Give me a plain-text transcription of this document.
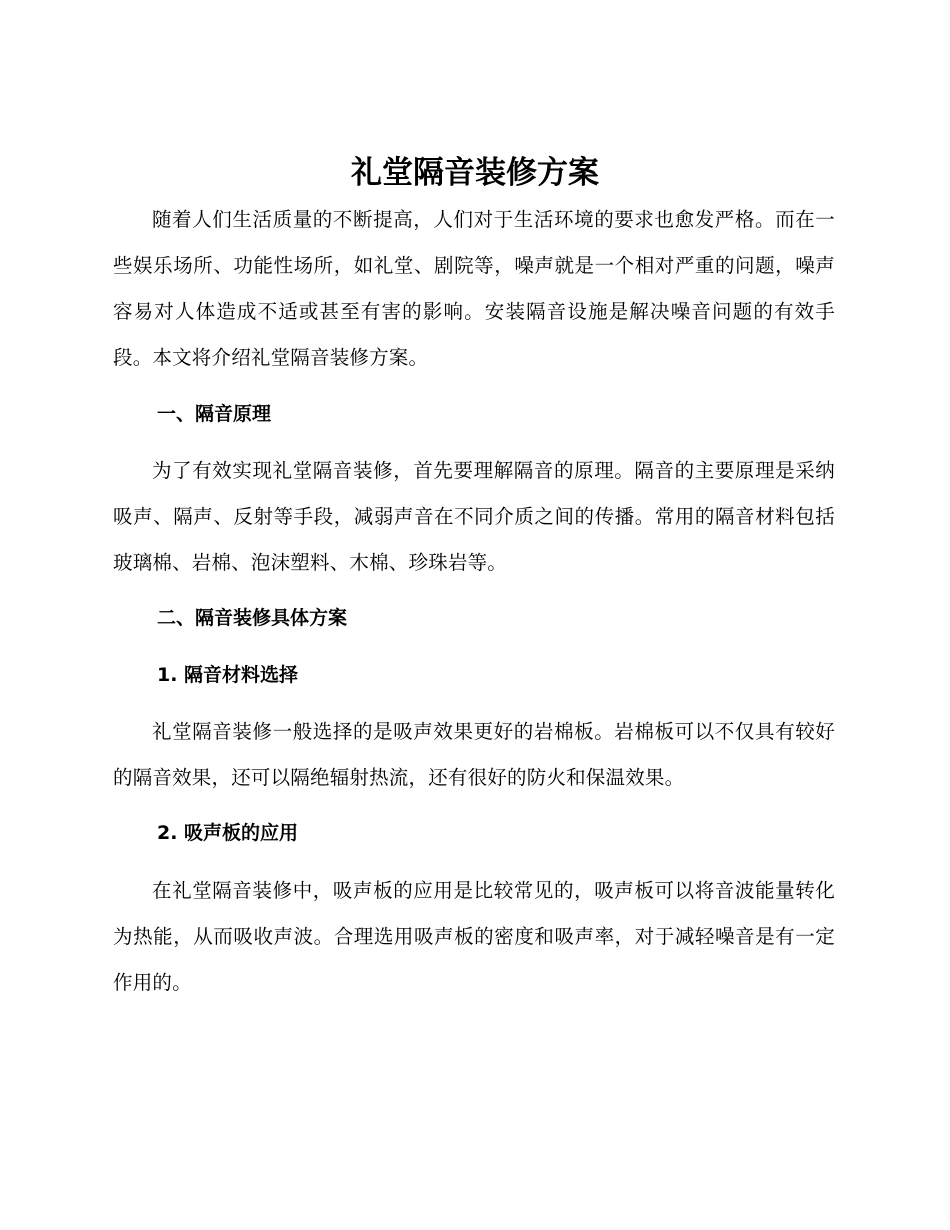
礼堂隔音装修方案

随着人们生活质量的不断提高，人们对于生活环境的要求也愈发严格。而在一些娱乐场所、功能性场所，如礼堂、剧院等，噪声就是一个相对严重的问题，噪声容易对人体造成不适或甚至有害的影响。安装隔音设施是解决噪音问题的有效手段。本文将介绍礼堂隔音装修方案。

一、隔音原理

为了有效实现礼堂隔音装修，首先要理解隔音的原理。隔音的主要原理是采纳吸声、隔声、反射等手段，减弱声音在不同介质之间的传播。常用的隔音材料包括玻璃棉、岩棉、泡沫塑料、木棉、珍珠岩等。

二、隔音装修具体方案
1. 隔音材料选择

礼堂隔音装修一般选择的是吸声效果更好的岩棉板。岩棉板可以不仅具有较好的隔音效果，还可以隔绝辐射热流，还有很好的防火和保温效果。

2. 吸声板的应用

在礼堂隔音装修中，吸声板的应用是比较常见的，吸声板可以将音波能量转化为热能，从而吸收声波。合理选用吸声板的密度和吸声率，对于减轻噪音是有一定作用的。
